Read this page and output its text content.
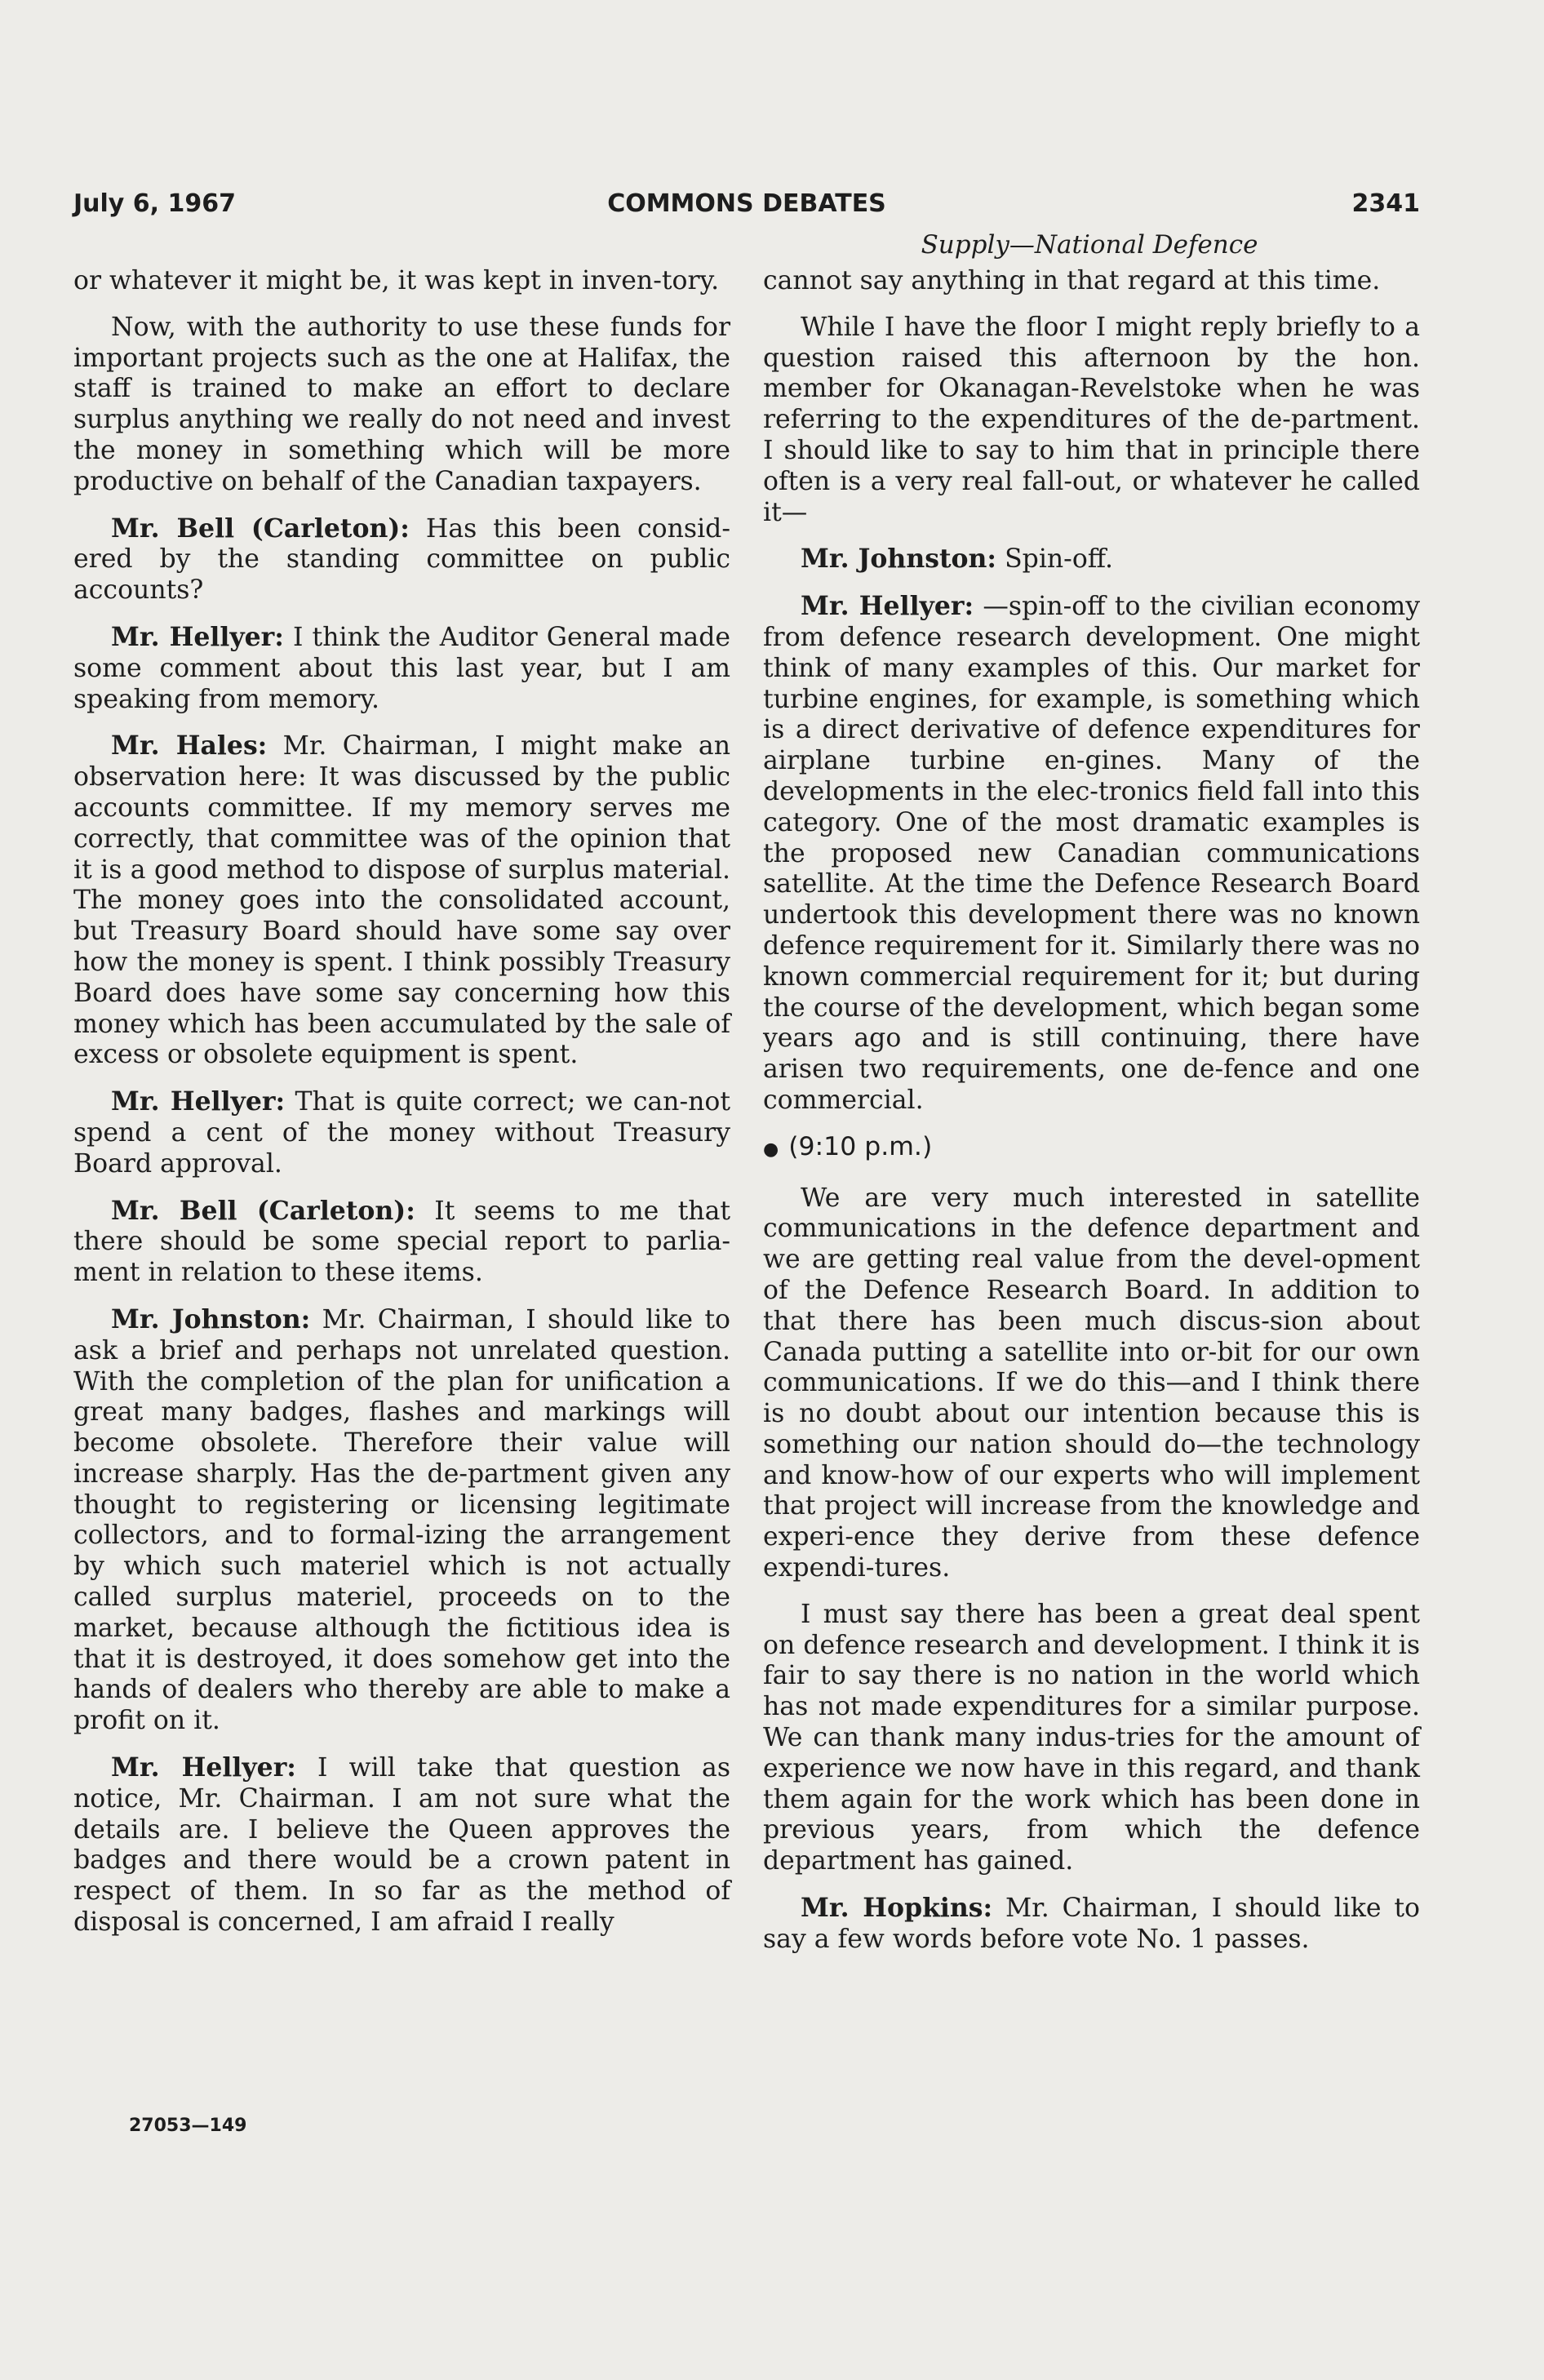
July 6, 1967	COMMONS DEBATES	2341
Supply—National Defence

or whatever it might be, it was kept in inven-tory.

Now, with the authority to use these funds for important projects such as the one at Halifax, the staff is trained to make an effort to declare surplus anything we really do not need and invest the money in something which will be more productive on behalf of the Canadian taxpayers.

Mr. Bell (Carleton): Has this been consid-ered by the standing committee on public accounts?

Mr. Hellyer: I think the Auditor General made some comment about this last year, but I am speaking from memory.

Mr. Hales: Mr. Chairman, I might make an observation here: It was discussed by the public accounts committee. If my memory serves me correctly, that committee was of the opinion that it is a good method to dispose of surplus material. The money goes into the consolidated account, but Treasury Board should have some say over how the money is spent. I think possibly Treasury Board does have some say concerning how this money which has been accumulated by the sale of excess or obsolete equipment is spent.

Mr. Hellyer: That is quite correct; we can-not spend a cent of the money without Treasury Board approval.

Mr. Bell (Carleton): It seems to me that there should be some special report to parlia-ment in relation to these items.

Mr. Johnston: Mr. Chairman, I should like to ask a brief and perhaps not unrelated question. With the completion of the plan for unification a great many badges, flashes and markings will become obsolete. Therefore their value will increase sharply. Has the de-partment given any thought to registering or licensing legitimate collectors, and to formal-izing the arrangement by which such materiel which is not actually called surplus materiel, proceeds on to the market, because although the fictitious idea is that it is destroyed, it does somehow get into the hands of dealers who thereby are able to make a profit on it.

Mr. Hellyer: I will take that question as notice, Mr. Chairman. I am not sure what the details are. I believe the Queen approves the badges and there would be a crown patent in respect of them. In so far as the method of disposal is concerned, I am afraid I really

cannot say anything in that regard at this time.

While I have the floor I might reply briefly to a question raised this afternoon by the hon. member for Okanagan-Revelstoke when he was referring to the expenditures of the de-partment. I should like to say to him that in principle there often is a very real fall-out, or whatever he called it—

Mr. Johnston: Spin-off.

Mr. Hellyer: —spin-off to the civilian economy from defence research development. One might think of many examples of this. Our market for turbine engines, for example, is something which is a direct derivative of defence expenditures for airplane turbine en-gines. Many of the developments in the elec-tronics field fall into this category. One of the most dramatic examples is the proposed new Canadian communications satellite. At the time the Defence Research Board undertook this development there was no known defence requirement for it. Similarly there was no known commercial requirement for it; but during the course of the development, which began some years ago and is still continuing, there have arisen two requirements, one de-fence and one commercial.

● (9:10 p.m.)

We are very much interested in satellite communications in the defence department and we are getting real value from the devel-opment of the Defence Research Board. In addition to that there has been much discus-sion about Canada putting a satellite into or-bit for our own communications. If we do this—and I think there is no doubt about our intention because this is something our nation should do—the technology and know-how of our experts who will implement that project will increase from the knowledge and experi-ence they derive from these defence expendi-tures.

I must say there has been a great deal spent on defence research and development. I think it is fair to say there is no nation in the world which has not made expenditures for a similar purpose. We can thank many indus-tries for the amount of experience we now have in this regard, and thank them again for the work which has been done in previous years, from which the defence department has gained.

Mr. Hopkins: Mr. Chairman, I should like to say a few words before vote No. 1 passes.

27053—149
